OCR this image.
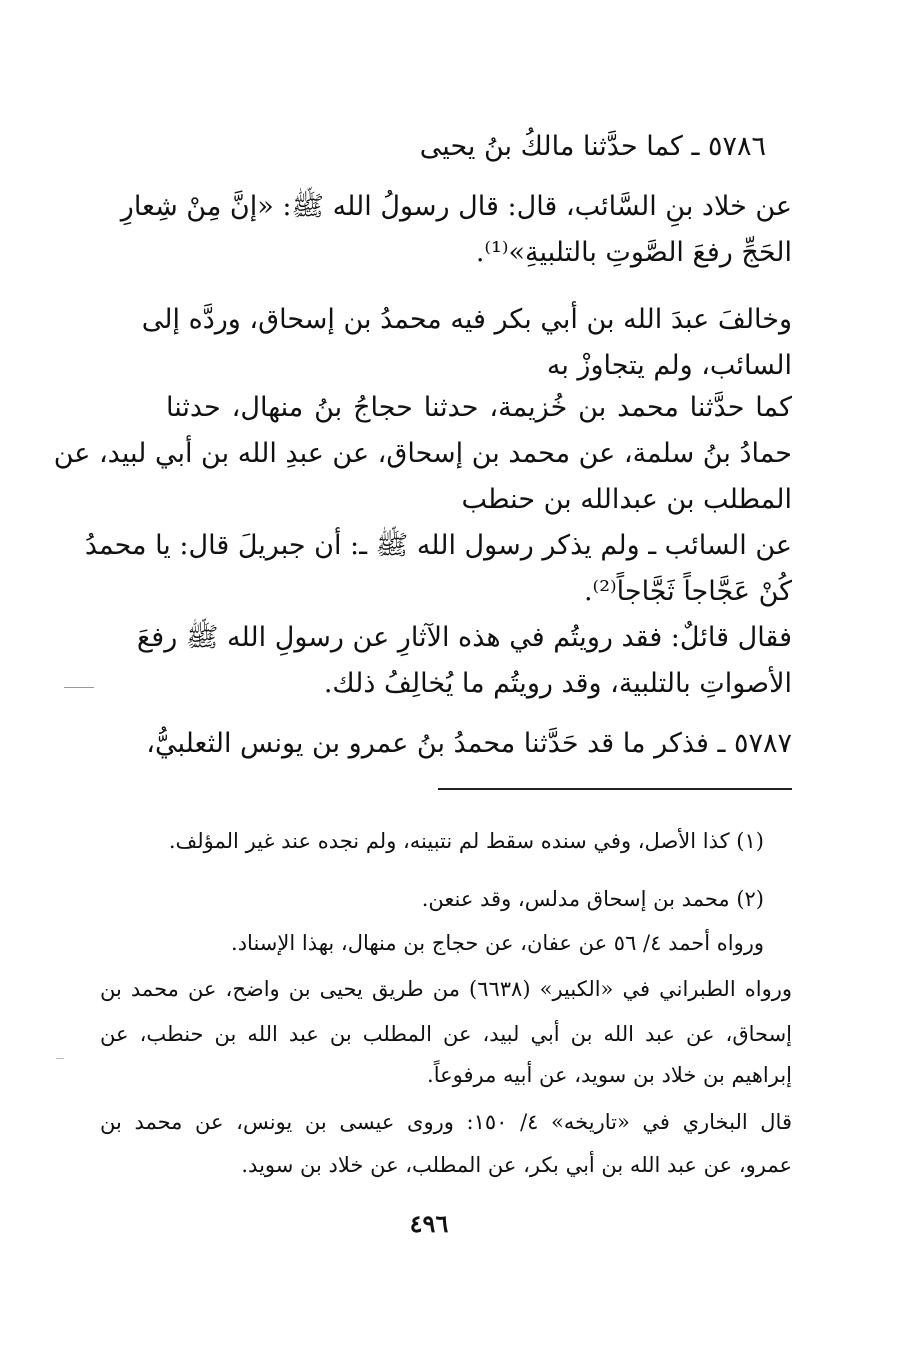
٥٧٨٦ ـ كما حدَّثنا مالكُ بنُ يحيى
عن خلاد بنِ السَّائب، قال: قال رسولُ الله ﷺ: «إنَّ مِنْ شِعارِ
الحَجِّ رفعَ الصَّوتِ بالتلبيةِ»⁽¹⁾.
وخالفَ عبدَ الله بن أبي بكر فيه محمدُ بن إسحاق، وردَّه إلى
السائب، ولم يتجاوزْ به
كما حدَّثنا محمد بن خُزيمة، حدثنا حجاجُ بنُ منهال، حدثنا
حمادُ بنُ سلمة، عن محمد بن إسحاق، عن عبدِ الله بن أبي لبيد، عن
المطلب بن عبدالله بن حنطب
عن السائب ـ ولم يذكر رسول الله ﷺ ـ: أن جبريلَ قال: يا محمدُ
كُنْ عَجَّاجاً ثَجَّاجاً⁽²⁾.
فقال قائلٌ: فقد رويتُم في هذه الآثارِ عن رسولِ الله ﷺ رفعَ
الأصواتِ بالتلبية، وقد رويتُم ما يُخالِفُ ذلك.
٥٧٨٧ ـ فذكر ما قد حَدَّثنا محمدُ بنُ عمرو بن يونس الثعلبيُّ،
(١) كذا الأصل، وفي سنده سقط لم نتبينه، ولم نجده عند غير المؤلف.
(٢) محمد بن إسحاق مدلس، وقد عنعن.
ورواه أحمد ٤/ ٥٦ عن عفان، عن حجاج بن منهال، بهذا الإسناد.
ورواه الطبراني في «الكبير» (٦٦٣٨) من طريق يحيى بن واضح، عن محمد بن
إسحاق، عن عبد الله بن أبي لبيد، عن المطلب بن عبد الله بن حنطب، عن
إبراهيم بن خلاد بن سويد، عن أبيه مرفوعاً.
قال البخاري في «تاريخه» ٤/ ١٥٠: وروى عيسى بن يونس، عن محمد بن
عمرو، عن عبد الله بن أبي بكر، عن المطلب، عن خلاد بن سويد.
٤٩٦
